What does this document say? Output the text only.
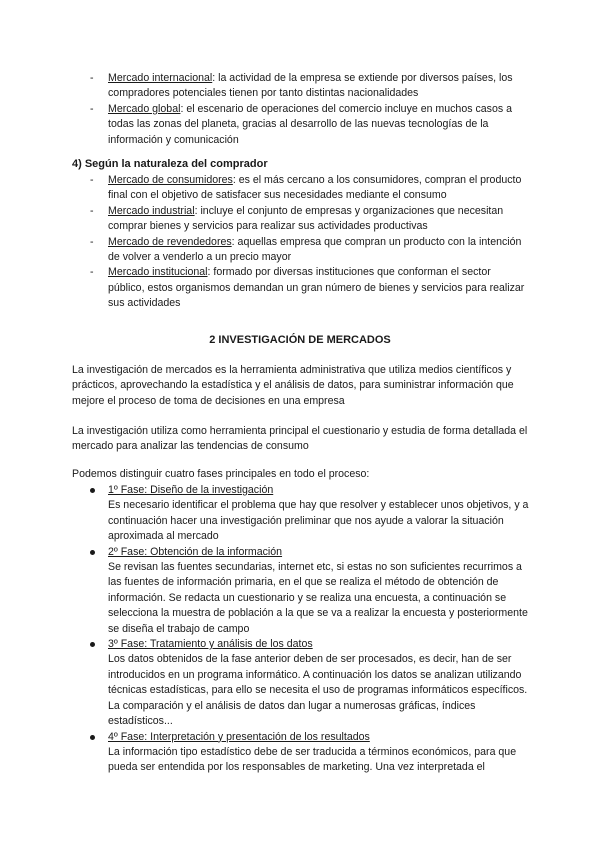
- Mercado internacional: la actividad de la empresa se extiende por diversos países, los compradores potenciales tienen por tanto distintas nacionalidades
- Mercado global: el escenario de operaciones del comercio incluye en muchos casos a todas las zonas del planeta, gracias al desarrollo de las nuevas tecnologías de la información y comunicación
4) Según la naturaleza del comprador
- Mercado de consumidores: es el más cercano a los consumidores, compran el producto final con el objetivo de satisfacer sus necesidades mediante el consumo
- Mercado industrial: incluye el conjunto de empresas y organizaciones que necesitan comprar bienes y servicios para realizar sus actividades productivas
- Mercado de revendedores: aquellas empresa que compran un producto con la intención de volver a venderlo a un precio mayor
- Mercado institucional: formado por diversas instituciones que conforman el sector público, estos organismos demandan un gran número de bienes y servicios para realizar sus actividades
2 INVESTIGACIÓN DE MERCADOS
La investigación de mercados es la herramienta administrativa que utiliza medios científicos y prácticos, aprovechando la estadística y el análisis de datos, para suministrar información que mejore el proceso de toma de decisiones en una empresa
La investigación utiliza como herramienta principal el cuestionario y estudia de forma detallada el mercado para analizar las tendencias de consumo
Podemos distinguir cuatro fases principales en todo el proceso:
1º Fase: Diseño de la investigación
Es necesario identificar el problema que hay que resolver y establecer unos objetivos, y a continuación hacer una investigación preliminar que nos ayude a valorar la situación aproximada al mercado
2º Fase: Obtención de la información
Se revisan las fuentes secundarias, internet etc, si estas no son suficientes recurrimos a las fuentes de información primaria, en el que se realiza el método de obtención de información. Se redacta un cuestionario y se realiza una encuesta, a continuación se selecciona la muestra de población a la que se va a realizar la encuesta y posteriormente se diseña el trabajo de campo
3º Fase: Tratamiento y análisis de los datos
Los datos obtenidos de la fase anterior deben de ser procesados, es decir, han de ser introducidos en un programa informático. A continuación los datos se analizan utilizando técnicas estadísticas, para ello se necesita el uso de programas informáticos específicos. La comparación y el análisis de datos dan lugar a numerosas gráficas, índices estadísticos...
4º Fase: Interpretación y presentación de los resultados
La información tipo estadístico debe de ser traducida a términos económicos, para que pueda ser entendida por los responsables de marketing. Una vez interpretada el
